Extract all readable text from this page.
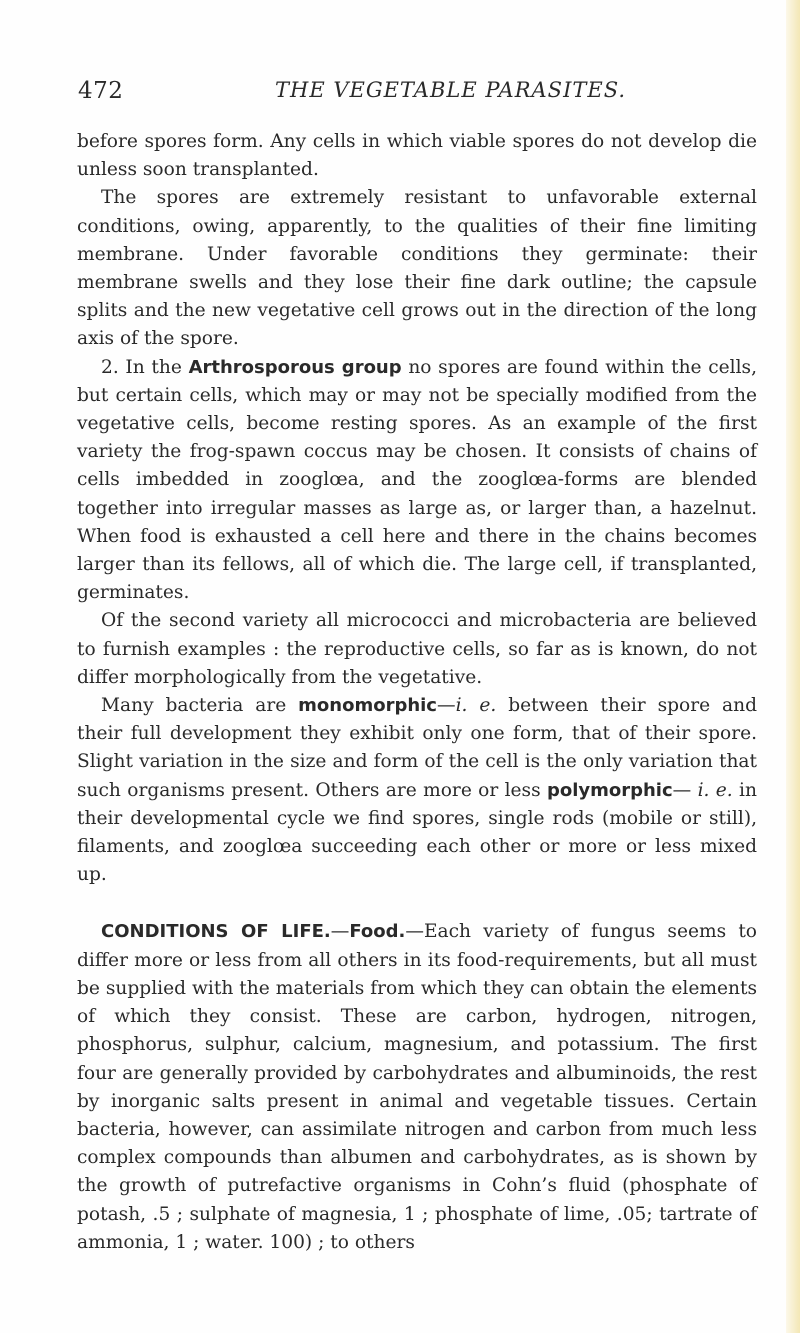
472	THE VEGETABLE PARASITES.

before spores form. Any cells in which viable spores do not develop die unless soon transplanted.

The spores are extremely resistant to unfavorable external conditions, owing, apparently, to the qualities of their fine limiting membrane. Under favorable conditions they germinate: their membrane swells and they lose their fine dark outline; the capsule splits and the new vegetative cell grows out in the direction of the long axis of the spore.

2. In the Arthrosporous group no spores are found within the cells, but certain cells, which may or may not be specially modified from the vegetative cells, become resting spores. As an example of the first variety the frog-spawn coccus may be chosen. It consists of chains of cells imbedded in zooglœa, and the zooglœa-forms are blended together into irregular masses as large as, or larger than, a hazelnut. When food is exhausted a cell here and there in the chains becomes larger than its fellows, all of which die. The large cell, if transplanted, germinates.

Of the second variety all micrococci and microbacteria are believed to furnish examples : the reproductive cells, so far as is known, do not differ morphologically from the vegetative.

Many bacteria are monomorphic—i. e. between their spore and their full development they exhibit only one form, that of their spore. Slight variation in the size and form of the cell is the only variation that such organisms present. Others are more or less polymorphic— i. e. in their developmental cycle we find spores, single rods (mobile or still), filaments, and zooglœa succeeding each other or more or less mixed up.

CONDITIONS OF LIFE.—Food.—Each variety of fungus seems to differ more or less from all others in its food-requirements, but all must be supplied with the materials from which they can obtain the elements of which they consist. These are carbon, hydrogen, nitrogen, phosphorus, sulphur, calcium, magnesium, and potassium. The first four are generally provided by carbohydrates and albuminoids, the rest by inorganic salts present in animal and vegetable tissues. Certain bacteria, however, can assimilate nitrogen and carbon from much less complex compounds than albumen and carbohydrates, as is shown by the growth of putrefactive organisms in Cohn’s fluid (phosphate of potash, .5 ; sulphate of magnesia, 1 ; phosphate of lime, .05; tartrate of ammonia, 1 ; water. 100) ; to others
